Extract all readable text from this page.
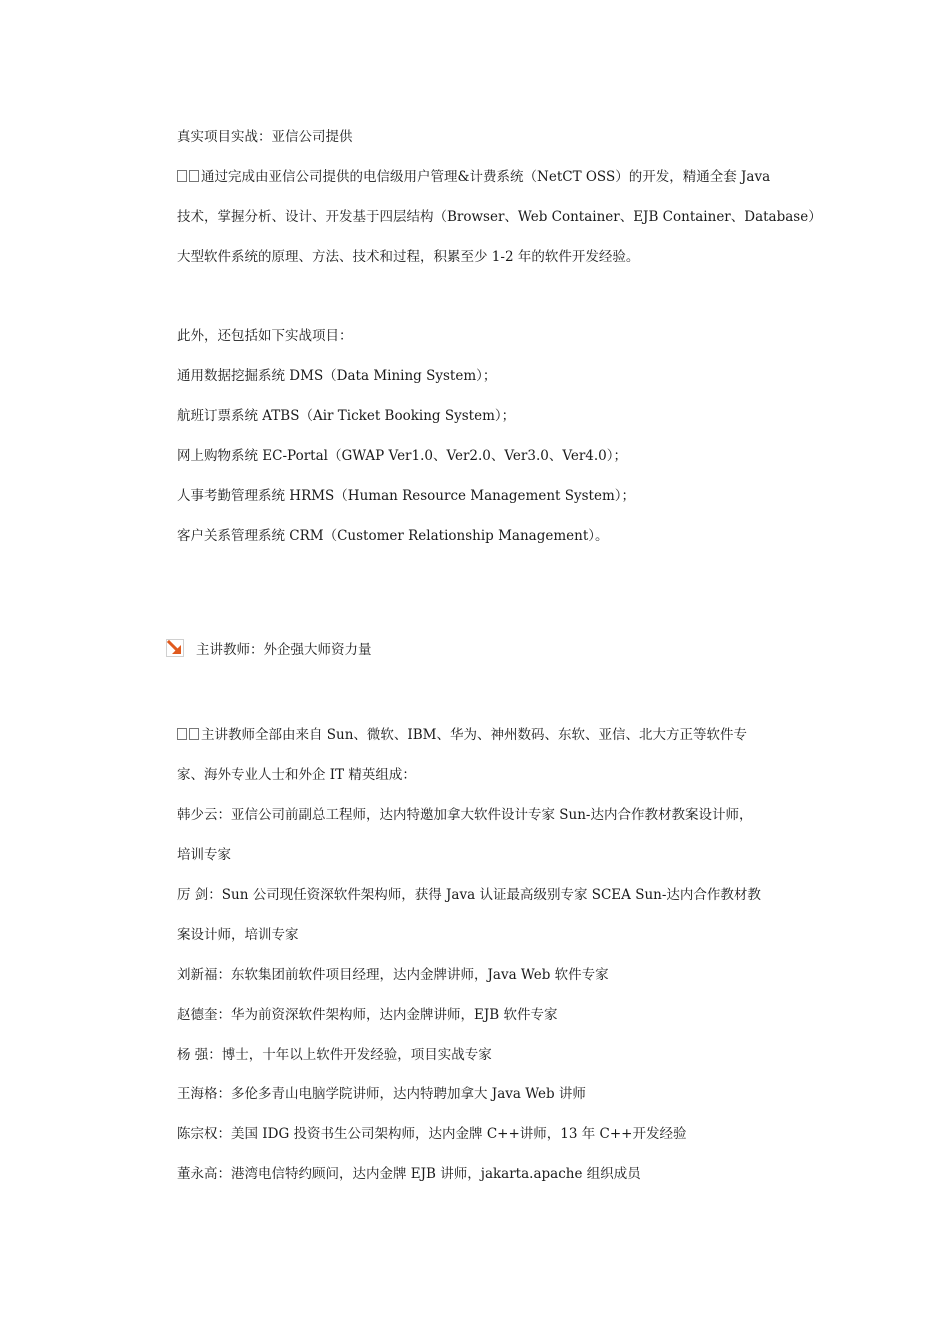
真实项目实战：亚信公司提供
通过完成由亚信公司提供的电信级用户管理&计费系统（NetCT OSS）的开发，精通全套 Java
技术，掌握分析、设计、开发基于四层结构（Browser、Web Container、EJB Container、Database）
大型软件系统的原理、方法、技术和过程，积累至少 1-2 年的软件开发经验。
此外，还包括如下实战项目：
通用数据挖掘系统 DMS（Data Mining System）；
航班订票系统 ATBS（Air Ticket Booking System）；
网上购物系统 EC-Portal（GWAP Ver1.0、Ver2.0、Ver3.0、Ver4.0）；
人事考勤管理系统 HRMS（Human Resource Management System）；
客户关系管理系统 CRM（Customer Relationship Management）。
主讲教师：外企强大师资力量
主讲教师全部由来自 Sun、微软、IBM、华为、神州数码、东软、亚信、北大方正等软件专
家、海外专业人士和外企 IT 精英组成：
韩少云：亚信公司前副总工程师，达内特邀加拿大软件设计专家 Sun-达内合作教材教案设计师，
培训专家
厉 剑：Sun 公司现任资深软件架构师，获得 Java 认证最高级别专家 SCEA Sun-达内合作教材教
案设计师，培训专家
刘新福：东软集团前软件项目经理，达内金牌讲师，Java Web 软件专家
赵德奎：华为前资深软件架构师，达内金牌讲师，EJB 软件专家
杨 强：博士，十年以上软件开发经验，项目实战专家
王海格：多伦多青山电脑学院讲师，达内特聘加拿大 Java Web 讲师
陈宗权：美国 IDG 投资书生公司架构师，达内金牌 C++讲师，13 年 C++开发经验
董永高：港湾电信特约顾问，达内金牌 EJB 讲师，jakarta.apache 组织成员
